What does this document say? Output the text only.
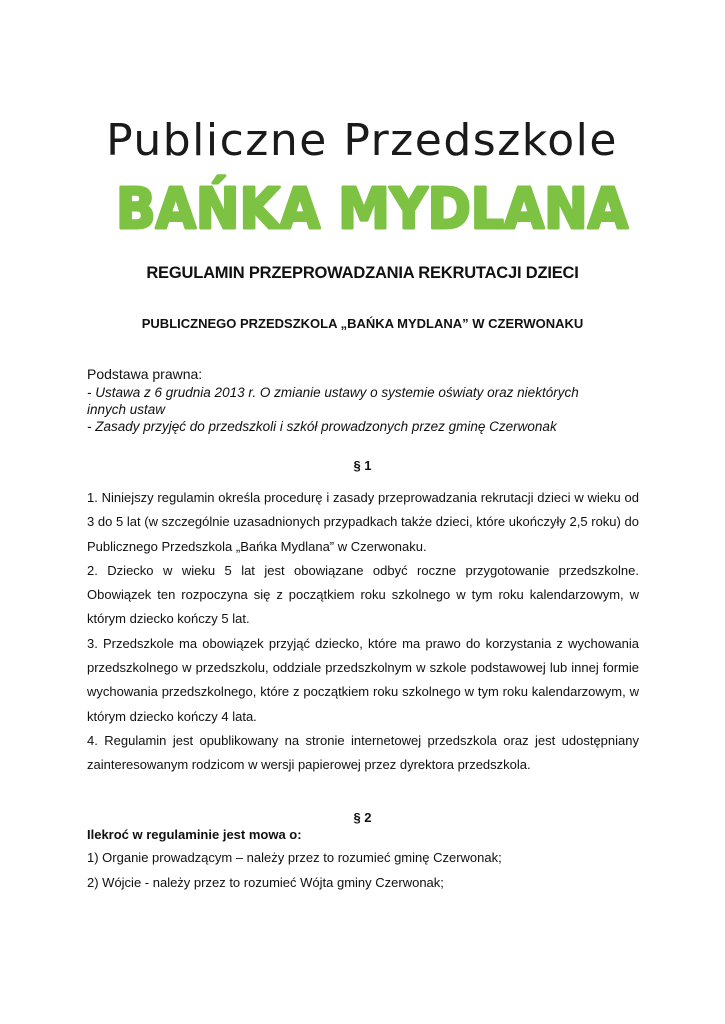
Publiczne Przedszkole
BAŃKA MYDLANA
REGULAMIN PRZEPROWADZANIA REKRUTACJI DZIECI
PUBLICZNEGO PRZEDSZKOLA „BAŃKA MYDLANA” W CZERWONAKU
Podstawa prawna:
- Ustawa z 6 grudnia 2013 r. O zmianie ustawy o systemie oświaty oraz niektórych innych ustaw
- Zasady przyjęć do przedszkoli i szkół prowadzonych przez gminę Czerwonak
§ 1

1. Niniejszy regulamin określa procedurę i zasady przeprowadzania rekrutacji dzieci w wieku od 3 do 5 lat (w szczególnie uzasadnionych przypadkach także dzieci, które ukończyły 2,5 roku) do Publicznego Przedszkola „Bańka Mydlana” w Czerwonaku.

2. Dziecko w wieku 5 lat jest obowiązane odbyć roczne przygotowanie przedszkolne. Obowiązek ten rozpoczyna się z początkiem roku szkolnego w tym roku kalendarzowym, w którym dziecko kończy 5 lat.

3. Przedszkole ma obowiązek przyjąć dziecko, które ma prawo do korzystania z wychowania przedszkolnego w przedszkolu, oddziale przedszkolnym w szkole podstawowej lub innej formie wychowania przedszkolnego, które z początkiem roku szkolnego w tym roku kalendarzowym, w którym dziecko kończy 4 lata.

4. Regulamin jest opublikowany na stronie internetowej przedszkola oraz jest udostępniany zainteresowanym rodzicom w wersji papierowej przez dyrektora przedszkola.

§ 2

Ilekroć w regulaminie jest mowa o:

1) Organie prowadzącym – należy przez to rozumieć gminę Czerwonak;

2) Wójcie - należy przez to rozumieć Wójta gminy Czerwonak;
